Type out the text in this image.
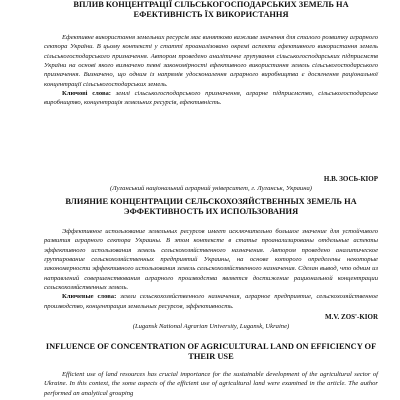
ВПЛИВ КОНЦЕНТРАЦІЇ СІЛЬСЬКОГОСПОДАРСЬКИХ ЗЕМЕЛЬ НА ЕФЕКТИВНІСТЬ ЇХ ВИКОРИСТАННЯ

Ефективне використання земельних ресурсів має винятково важливе значення для сталого розвитку аграрного сектора України. В цьому контексті у статті проаналізовано окремі аспекти ефективного використання земель сільськогосподарського призначення. Автором проведено аналітичне групування сільськогосподарських підприємств України на основі якого визначено певні закономірності ефективного використання земель сільськогосподарського призначення. Визначено, що одним із напрямів удосконалення аграрного виробництва є досягнення раціональної концентрації сільськогосподарських земель.

Ключові слова: землі сільськогосподарського призначення, аграрне підприємство, сільськогосподарське виробництво, концентрація земельних ресурсів, ефективність.

Н.В. ЗОСЬ-КІОР

(Луганський національний аграрний університет, г. Луганськ, Украина)

ВЛИЯНИЕ КОНЦЕНТРАЦИИ СЕЛЬСКОХОЗЯЙСТВЕННЫХ ЗЕМЕЛЬ НА ЭФФЕКТИВНОСТЬ ИХ ИСПОЛЬЗОВАНИЯ

Эффективное использование земельных ресурсов имеет исключительно большое значение для устойчивого развития аграрного сектора Украины. В этом контексте в статье проанализированы отдельные аспекты эффективного использования земель сельскохозяйственного назначения. Автором проведено аналитическое группирование сельскохозяйственных предприятий Украины, на основе которого определены некоторые закономерности эффективного использования земель сельскохозяйственного назначения. Сделан вывод, что одним из направлений совершенствования аграрного производства является достижение рациональной концентрации сельскохозяйственных земель.

Ключевые слова: земли сельскохозяйственного назначения, аграрное предприятие, сельскохозяйственное производство, концентрация земельных ресурсов, эффективность.

M.V. ZOS'-KIOR

(Lugansk National Agrarian University, Lugansk, Ukraine)

INFLUENCE OF CONCENTRATION OF AGRICULTURAL LAND ON EFFICIENCY OF THEIR USE

Efficient use of land resources has crucial importance for the sustainable development of the agricultural sector of Ukraine. In this context, the some aspects of the efficient use of agricultural land were examined in the article. The author performed an analytical grouping
